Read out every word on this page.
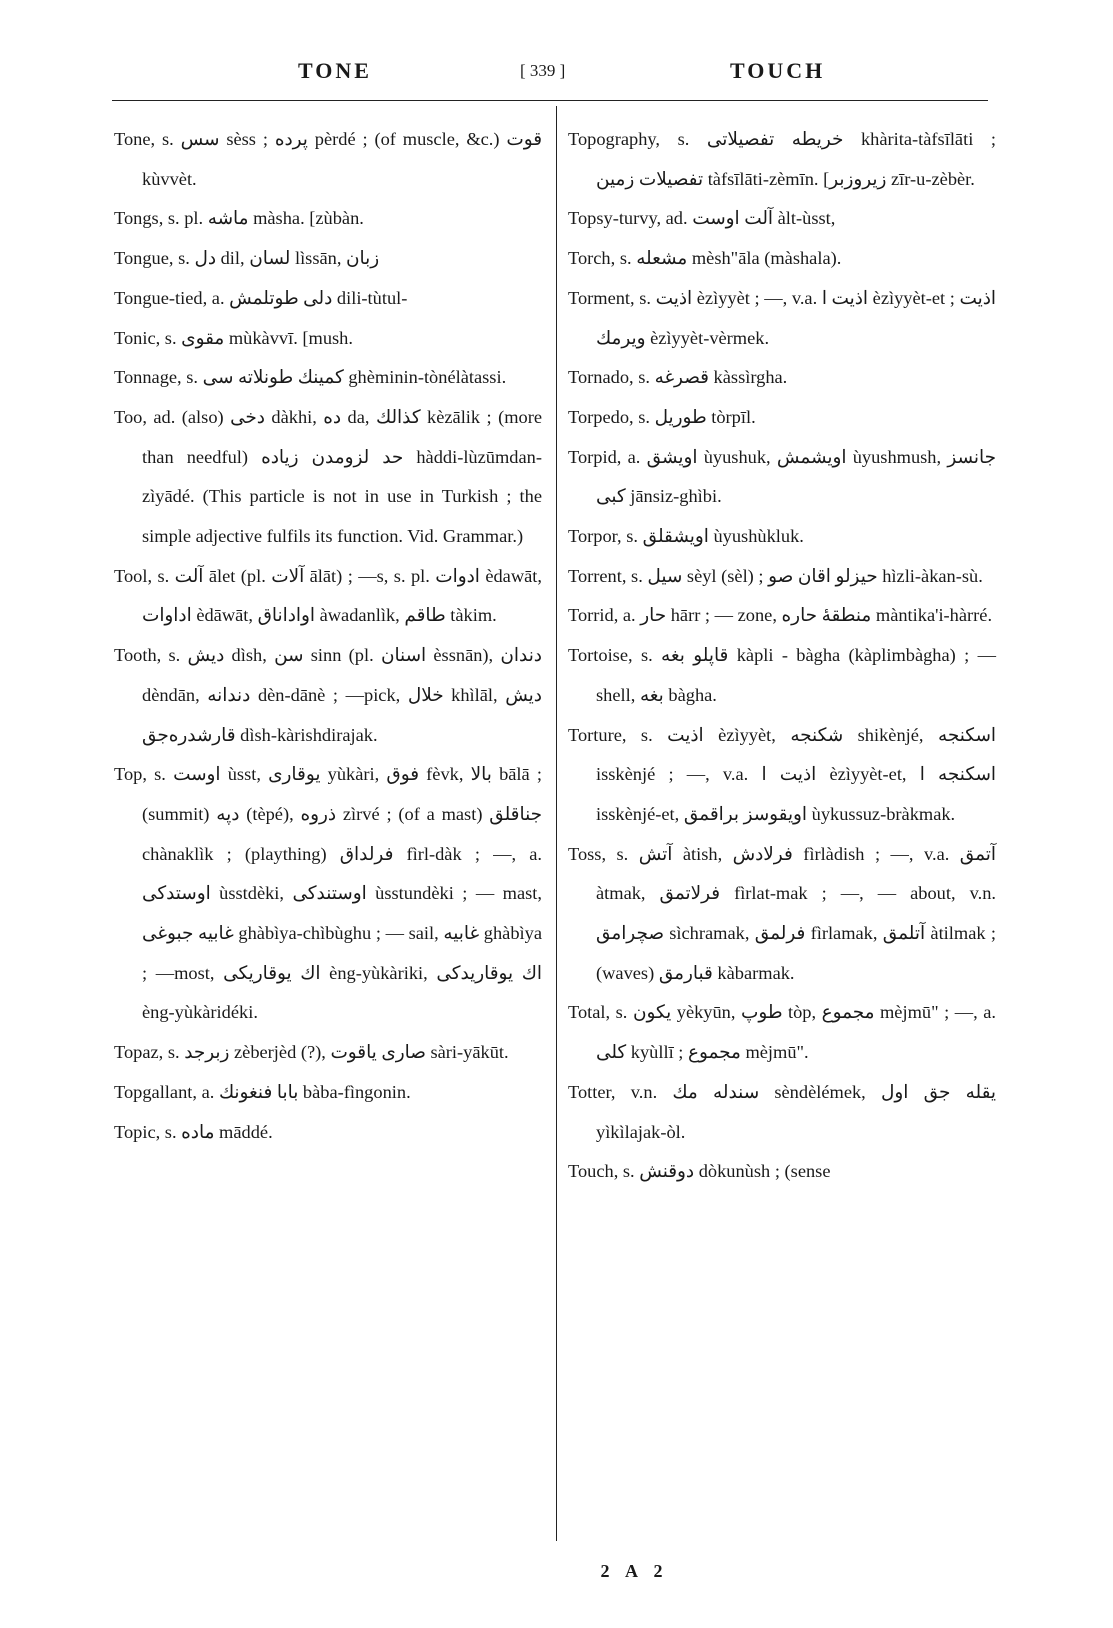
TONE	[ 339 ]	TOUCH

Tone, s. سس sèss ; پرده pèrdé ; (of muscle, &c.) قوت kùvvèt.

Tongs, s. pl. ماشه màsha. [zùbàn.

Tongue, s. دل dil, لسان lìssān, زبان

Tongue-tied, a. دلی طوتلمش dili-tùtul-

Tonic, s. مقوی mùkàvvī. [mush.

Tonnage, s. كمينك طونلاته سی ghèminin-tònélàtassi.

Too, ad. (also) دخی dàkhi, ده da, كذالك kèzālik ; (more than needful) حد لزومدن زیاده hàddi-lùzūmdan-zìyādé. (This particle is not in use in Turkish ; the simple adjective fulfils its function. Vid. Grammar.)

Tool, s. آلت ālet (pl. آلات ālāt) ; —s, s. pl. ادوات èdawāt, اداوات èdāwāt, اواداناق àwadanlìk, طاقم tàkim.

Tooth, s. دیش dìsh, سن sinn (pl. اسنان èssnān), دندان dèndān, دندانه dèn-dānè ; —pick, خلال khìlāl, دیش قارشدرەجق dìsh-kàrishdirajak.

Top, s. اوست ùsst, يوقارى yùkàri, فوق fèvk, بالا bālā ; (summit) دپه (tèpé), ذروه zìrvé ; (of a mast) جناقلق chànaklìk ; (plaything) فرلداق fìrl-dàk ; —, a. اوستدكى ùsstdèki, اوستندكى ùsstundèki ; — mast, غابيه جبوغی ghàbìya-chìbùghu ; — sail, غابيه ghàbìya ; —most, اك يوقاريكى èng-yùkàriki, اك يوقاريدكى èng-yùkàridéki.

Topaz, s. زبرجد zèberjèd (?), صاری یاقوت sàri-yākūt.

Topgallant, a. بابا فنغونك bàba-fìngonin.

Topic, s. ماده māddé.

Topography, s. خريطه تفصيلاتى khàrita-tàfsīlāti ; تفصيلات زمين tàfsīlāti-zèmīn. [زيروزبر zīr-u-zèbèr.

Topsy-turvy, ad. آلت اوست àlt-ùsst,

Torch, s. مشعله mèsh"āla (màshala).

Torment, s. اذيت èzìyyèt ; —, v.a. اذيت ا èzìyyèt-et ; اذيت ويرمك èzìyyèt-vèrmek.

Tornado, s. قصرغه kàssìrgha.

Torpedo, s. طوريل tòrpīl.

Torpid, a. اويشق ùyushuk, اويشمش ùyushmush, جانسز كبى jānsiz-ghìbi.

Torpor, s. اويشقلق ùyushùkluk.

Torrent, s. سيل sèyl (sèl) ; حيزلو اقان صو hìzli-àkan-sù.

Torrid, a. حار hārr ; — zone, منطقهٔ حاره màntika'i-hàrré.

Tortoise, s. قاپلو بغه kàpli - bàgha (kàplimbàgha) ; — shell, بغه bàgha.

Torture, s. اذيت èzìyyèt, شكنجه shikènjé, اسكنجه isskènjé ; —, v.a. اذيت ا èzìyyèt-et, اسكنجه ا isskènjé-et, اويقوسز براقمق ùykussuz-bràkmak.

Toss, s. آتش àtish, فرلادش fìrlàdish ; —, v.a. آتمق àtmak, فرلاتمق fìrlat-mak ; —, — about, v.n. صچرامق sìchramak, فرلمق fìrlamak, آتلمق àtilmak ; (waves) قبارمق kàbarmak.

Total, s. يكون yèkyūn, طوپ tòp, مجموع mèjmū" ; —, a. كلى kyùllī ; مجموع mèjmū".

Totter, v.n. سندله مك sèndèlémek, يقله جق اول yìkìlajak-òl.

Touch, s. دوقنش dòkunùsh ; (sense

2 A 2
